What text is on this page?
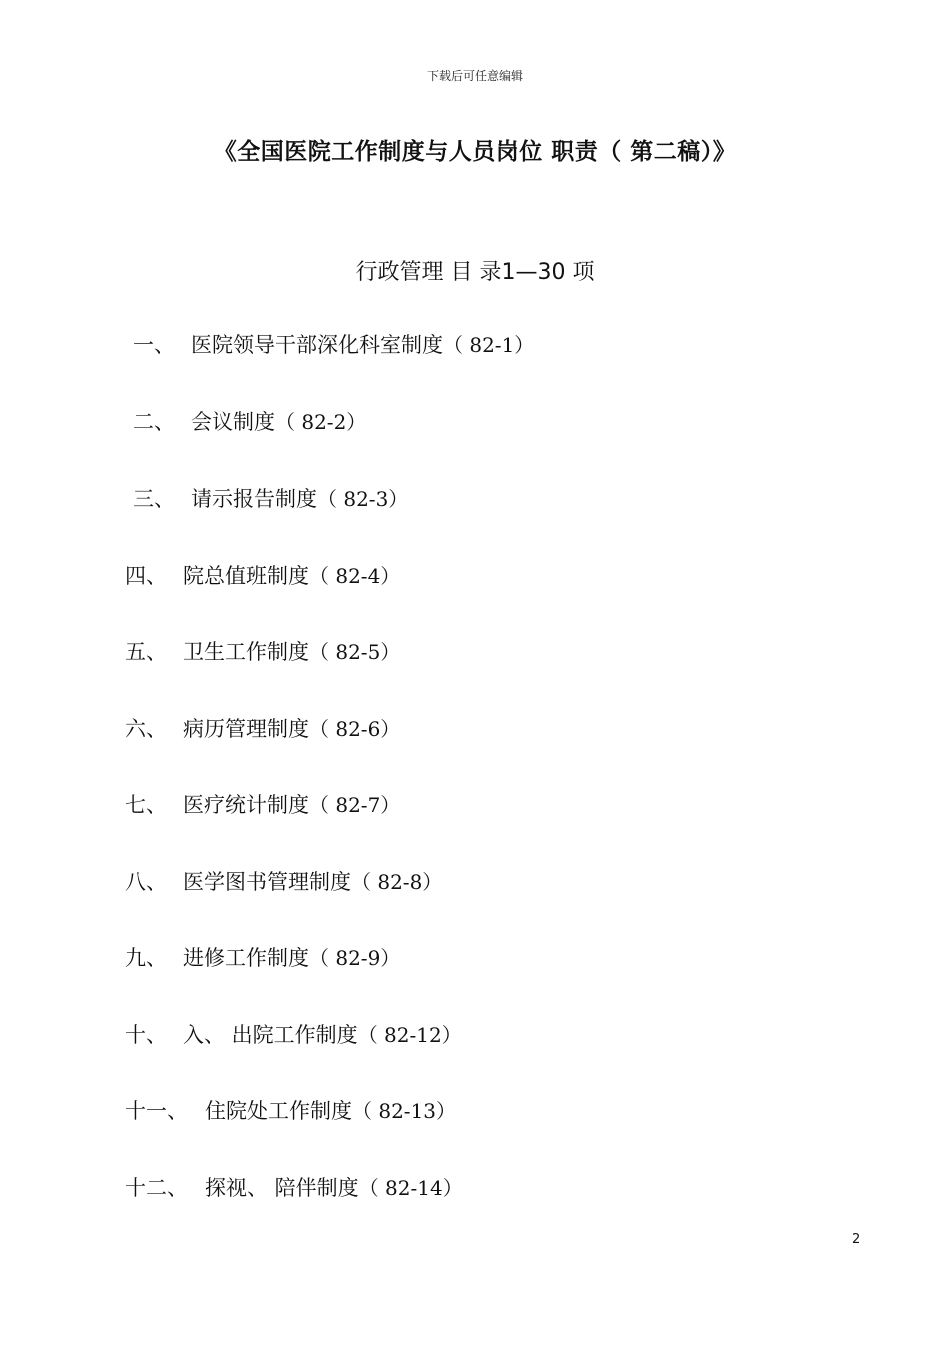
下载后可任意编辑
《全国医院工作制度与人员岗位 职责（ 第二稿）》
行政管理 目 录1—30 项
一、 医院领导干部深化科室制度（ 82-1）
二、 会议制度（ 82-2）
三、 请示报告制度（ 82-3）
四、 院总值班制度（ 82-4）
五、 卫生工作制度（ 82-5）
六、 病历管理制度（ 82-6）
七、 医疗统计制度（ 82-7）
八、 医学图书管理制度（ 82-8）
九、 进修工作制度（ 82-9）
十、 入、 出院工作制度（ 82-12）
十一、 住院处工作制度（ 82-13）
十二、 探视、 陪伴制度（ 82-14）
2
